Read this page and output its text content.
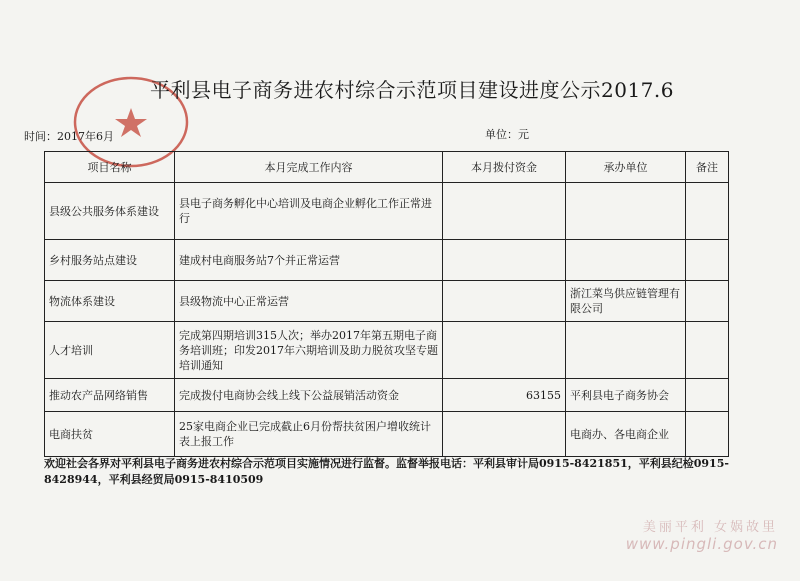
平利县电子商务进农村综合示范项目建设进度公示2017.6
时间：2017年6月	单位：元
项目名称	本月完成工作内容	本月拨付资金	承办单位	备注
县级公共服务体系建设	县电子商务孵化中心培训及电商企业孵化工作正常进行			
乡村服务站点建设	建成村电商服务站7个并正常运营			
物流体系建设	县级物流中心正常运营		浙江菜鸟供应链管理有限公司	
人才培训	完成第四期培训315人次；举办2017年第五期电子商务培训班；印发2017年六期培训及助力脱贫攻坚专题培训通知			
推动农产品网络销售	完成拨付电商协会线上线下公益展销活动资金	63155	平利县电子商务协会	
电商扶贫	25家电商企业已完成截止6月份帮扶贫困户增收统计表上报工作		电商办、各电商企业	
欢迎社会各界对平利县电子商务进农村综合示范项目实施情况进行监督。监督举报电话：平利县审计局0915-8421851，平利县纪检0915-8428944，平利县经贸局0915-8410509
美丽平利 女娲故里
www.pingli.gov.cn
